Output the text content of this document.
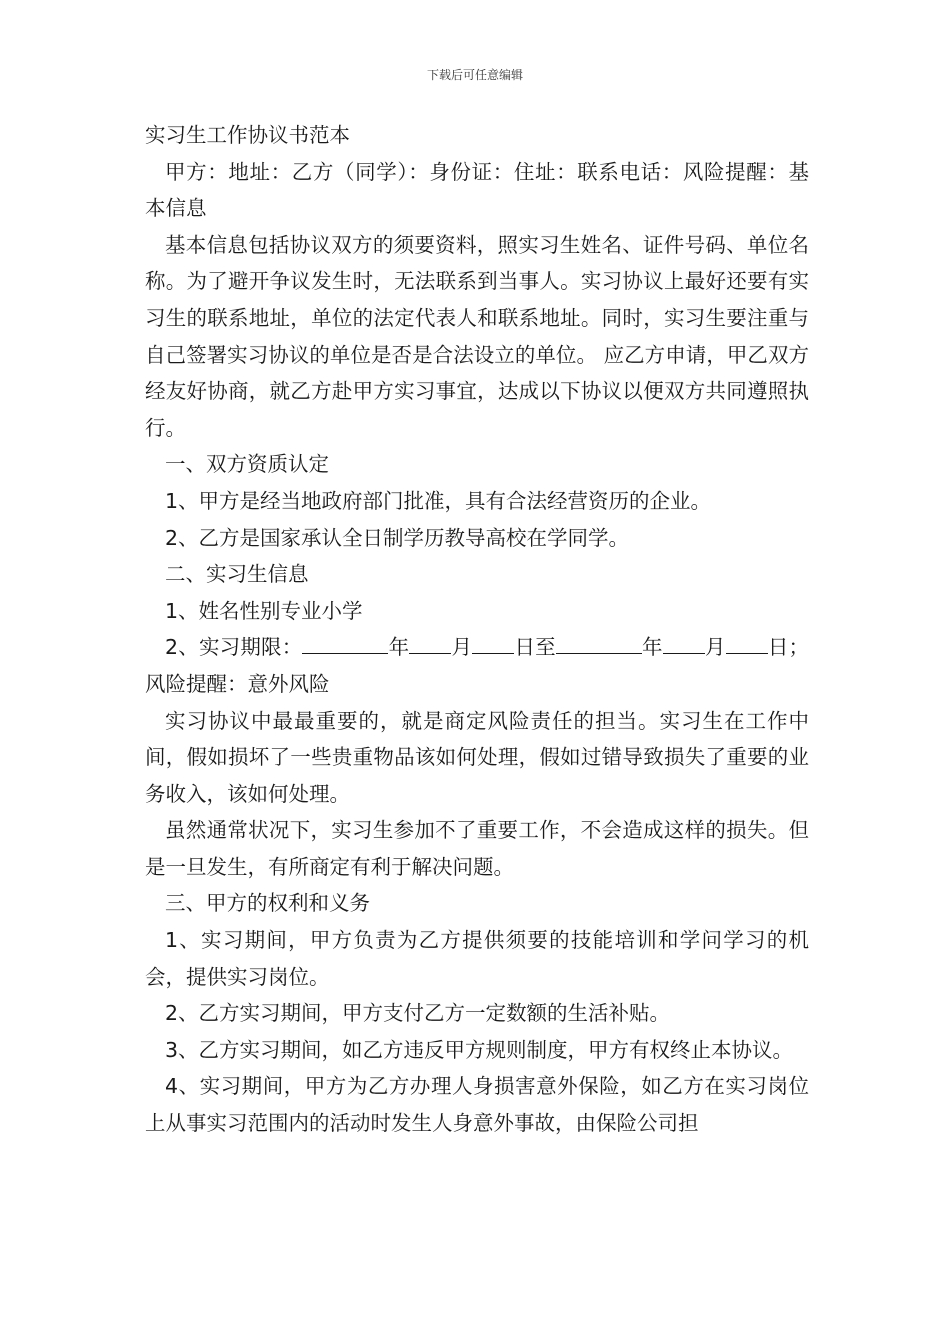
下载后可任意编辑

实习生工作协议书范本

甲方：地址：乙方（同学）：身份证：住址：联系电话：风险提醒：基本信息

基本信息包括协议双方的须要资料，照实习生姓名、证件号码、单位名称。为了避开争议发生时，无法联系到当事人。实习协议上最好还要有实习生的联系地址，单位的法定代表人和联系地址。同时，实习生要注重与自己签署实习协议的单位是否是合法设立的单位。 应乙方申请，甲乙双方经友好协商，就乙方赴甲方实习事宜，达成以下协议以便双方共同遵照执行。

一、双方资质认定

1、甲方是经当地政府部门批准，具有合法经营资历的企业。

2、乙方是国家承认全日制学历教导高校在学同学。

二、实习生信息

1、姓名性别专业小学

2、实习期限：	年 月 日至	年 月 日；风险提醒：意外风险

实习协议中最最重要的，就是商定风险责任的担当。实习生在工作中间，假如损坏了一些贵重物品该如何处理，假如过错导致损失了重要的业务收入，该如何处理。

虽然通常状况下，实习生参加不了重要工作，不会造成这样的损失。但是一旦发生，有所商定有利于解决问题。

三、甲方的权利和义务

1、实习期间，甲方负责为乙方提供须要的技能培训和学问学习的机会，提供实习岗位。

2、乙方实习期间，甲方支付乙方一定数额的生活补贴。

3、乙方实习期间，如乙方违反甲方规则制度，甲方有权终止本协议。

4、实习期间，甲方为乙方办理人身损害意外保险，如乙方在实习岗位上从事实习范围内的活动时发生人身意外事故，由保险公司担
